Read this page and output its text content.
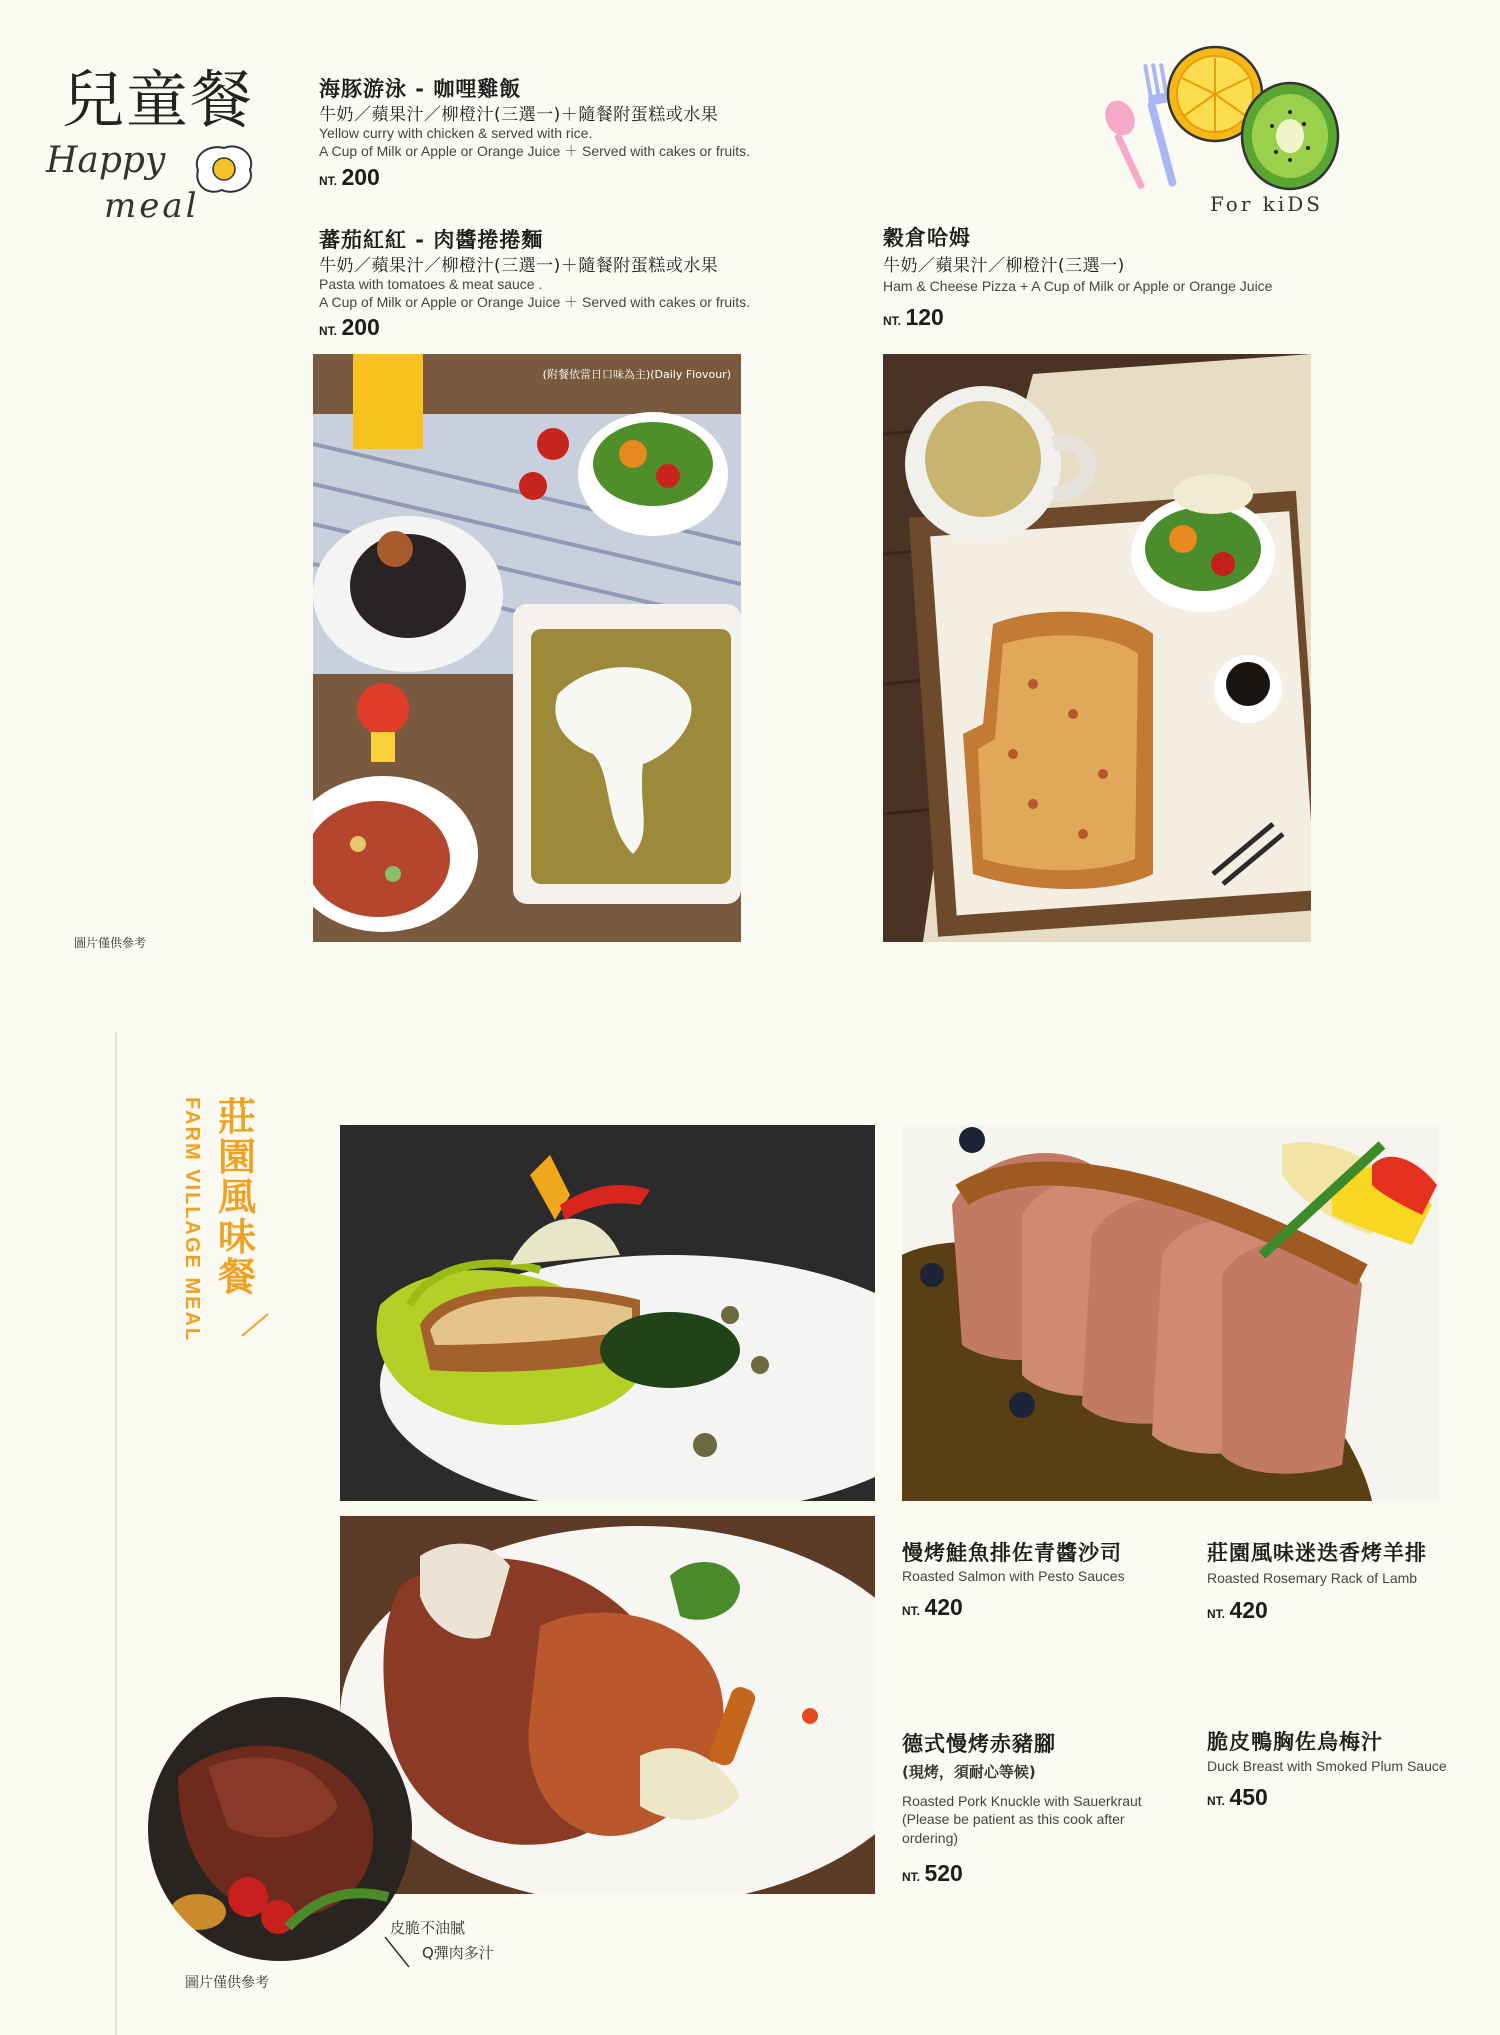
兒童餐
Happy
meal
海豚游泳 - 咖哩雞飯
牛奶／蘋果汁／柳橙汁(三選一)＋隨餐附蛋糕或水果
Yellow curry with chicken & served with rice.
A Cup of Milk or Apple or Orange Juice ＋ Served with cakes or fruits.
NT. 200
蕃茄紅紅 - 肉醬捲捲麵
牛奶／蘋果汁／柳橙汁(三選一)＋隨餐附蛋糕或水果
Pasta with tomatoes & meat sauce .
A Cup of Milk or Apple or Orange Juice ＋ Served with cakes or fruits.
NT. 200
穀倉哈姆
牛奶／蘋果汁／柳橙汁(三選一)
Ham & Cheese Pizza + A Cup of Milk or Apple or Orange Juice
NT. 120
For kiDS
(附餐依當日口味為主)(Daily Flovour)
圖片僅供參考
FARM VILLAGE MEAL 莊園風味餐
皮脆不油膩
Q彈肉多汁
圖片僅供參考
慢烤鮭魚排佐青醬沙司
Roasted Salmon with Pesto Sauces
NT. 420
莊園風味迷迭香烤羊排
Roasted Rosemary Rack of Lamb
NT. 420
德式慢烤赤豬腳
(現烤，須耐心等候)
Roasted Pork Knuckle with Sauerkraut
(Please be patient as this cook after
ordering)
NT. 520
脆皮鴨胸佐烏梅汁
Duck Breast with Smoked Plum Sauce
NT. 450
